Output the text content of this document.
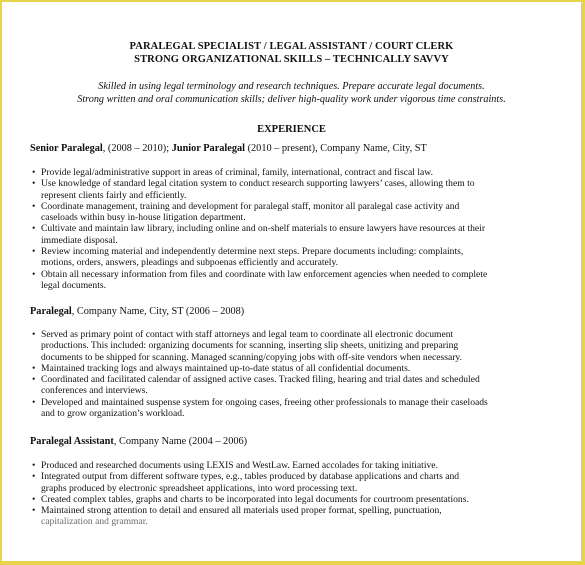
PARALEGAL SPECIALIST / LEGAL ASSISTANT / COURT CLERK
STRONG ORGANIZATIONAL SKILLS – TECHNICALLY SAVVY
Skilled in using legal terminology and research techniques. Prepare accurate legal documents.
Strong written and oral communication skills; deliver high-quality work under vigorous time constraints.
EXPERIENCE
Senior Paralegal, (2008 – 2010); Junior Paralegal (2010 – present), Company Name, City, ST
• Provide legal/administrative support in areas of criminal, family, international, contract and fiscal law.
• Use knowledge of standard legal citation system to conduct research supporting lawyers’ cases, allowing them to
represent clients fairly and efficiently.
• Coordinate management, training and development for paralegal staff, monitor all paralegal case activity and
caseloads within busy in-house litigation department.
• Cultivate and maintain law library, including online and on-shelf materials to ensure lawyers have resources at their
immediate disposal.
• Review incoming material and independently determine next steps. Prepare documents including: complaints,
motions, orders, answers, pleadings and subpoenas efficiently and accurately.
• Obtain all necessary information from files and coordinate with law enforcement agencies when needed to complete
legal documents.
Paralegal, Company Name, City, ST (2006 – 2008)
• Served as primary point of contact with staff attorneys and legal team to coordinate all electronic document
productions. This included: organizing documents for scanning, inserting slip sheets, unitizing and preparing
documents to be shipped for scanning. Managed scanning/copying jobs with off-site vendors when necessary.
• Maintained tracking logs and always maintained up-to-date status of all confidential documents.
• Coordinated and facilitated calendar of assigned active cases. Tracked filing, hearing and trial dates and scheduled
conferences and interviews.
• Developed and maintained suspense system for ongoing cases, freeing other professionals to manage their caseloads
and to grow organization’s workload.
Paralegal Assistant, Company Name (2004 – 2006)
• Produced and researched documents using LEXIS and WestLaw. Earned accolades for taking initiative.
• Integrated output from different software types, e.g., tables produced by database applications and charts and
graphs produced by electronic spreadsheet applications, into word processing text.
• Created complex tables, graphs and charts to be incorporated into legal documents for courtroom presentations.
• Maintained strong attention to detail and ensured all materials used proper format, spelling, punctuation,
capitalization and grammar.
